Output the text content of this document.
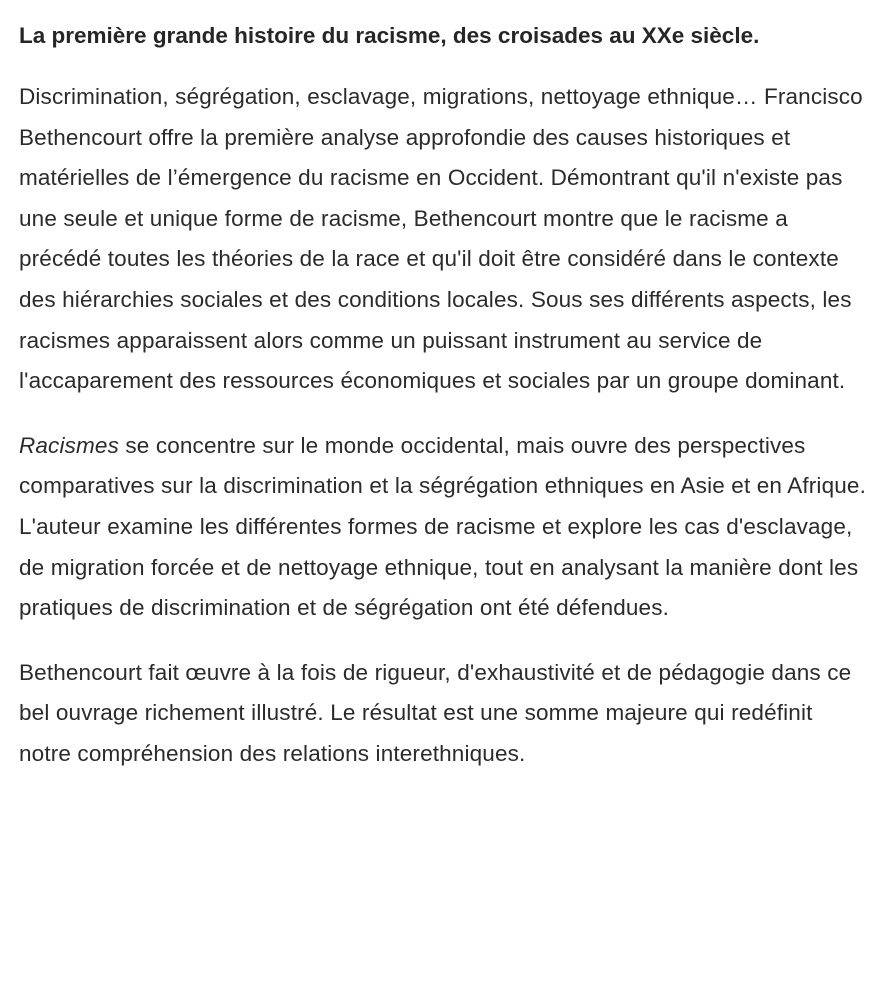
La première grande histoire du racisme, des croisades au XXe siècle.

Discrimination, ségrégation, esclavage, migrations, nettoyage ethnique… Francisco Bethencourt offre la première analyse approfondie des causes historiques et matérielles de l’émergence du racisme en Occident. Démontrant qu'il n'existe pas une seule et unique forme de racisme, Bethencourt montre que le racisme a précédé toutes les théories de la race et qu'il doit être considéré dans le contexte des hiérarchies sociales et des conditions locales. Sous ses différents aspects, les racismes apparaissent alors comme un puissant instrument au service de l'accaparement des ressources économiques et sociales par un groupe dominant.

Racismes se concentre sur le monde occidental, mais ouvre des perspectives comparatives sur la discrimination et la ségrégation ethniques en Asie et en Afrique. L'auteur examine les différentes formes de racisme et explore les cas d'esclavage, de migration forcée et de nettoyage ethnique, tout en analysant la manière dont les pratiques de discrimination et de ségrégation ont été défendues.

Bethencourt fait œuvre à la fois de rigueur, d'exhaustivité et de pédagogie dans ce bel ouvrage richement illustré. Le résultat est une somme majeure qui redéfinit notre compréhension des relations interethniques.
